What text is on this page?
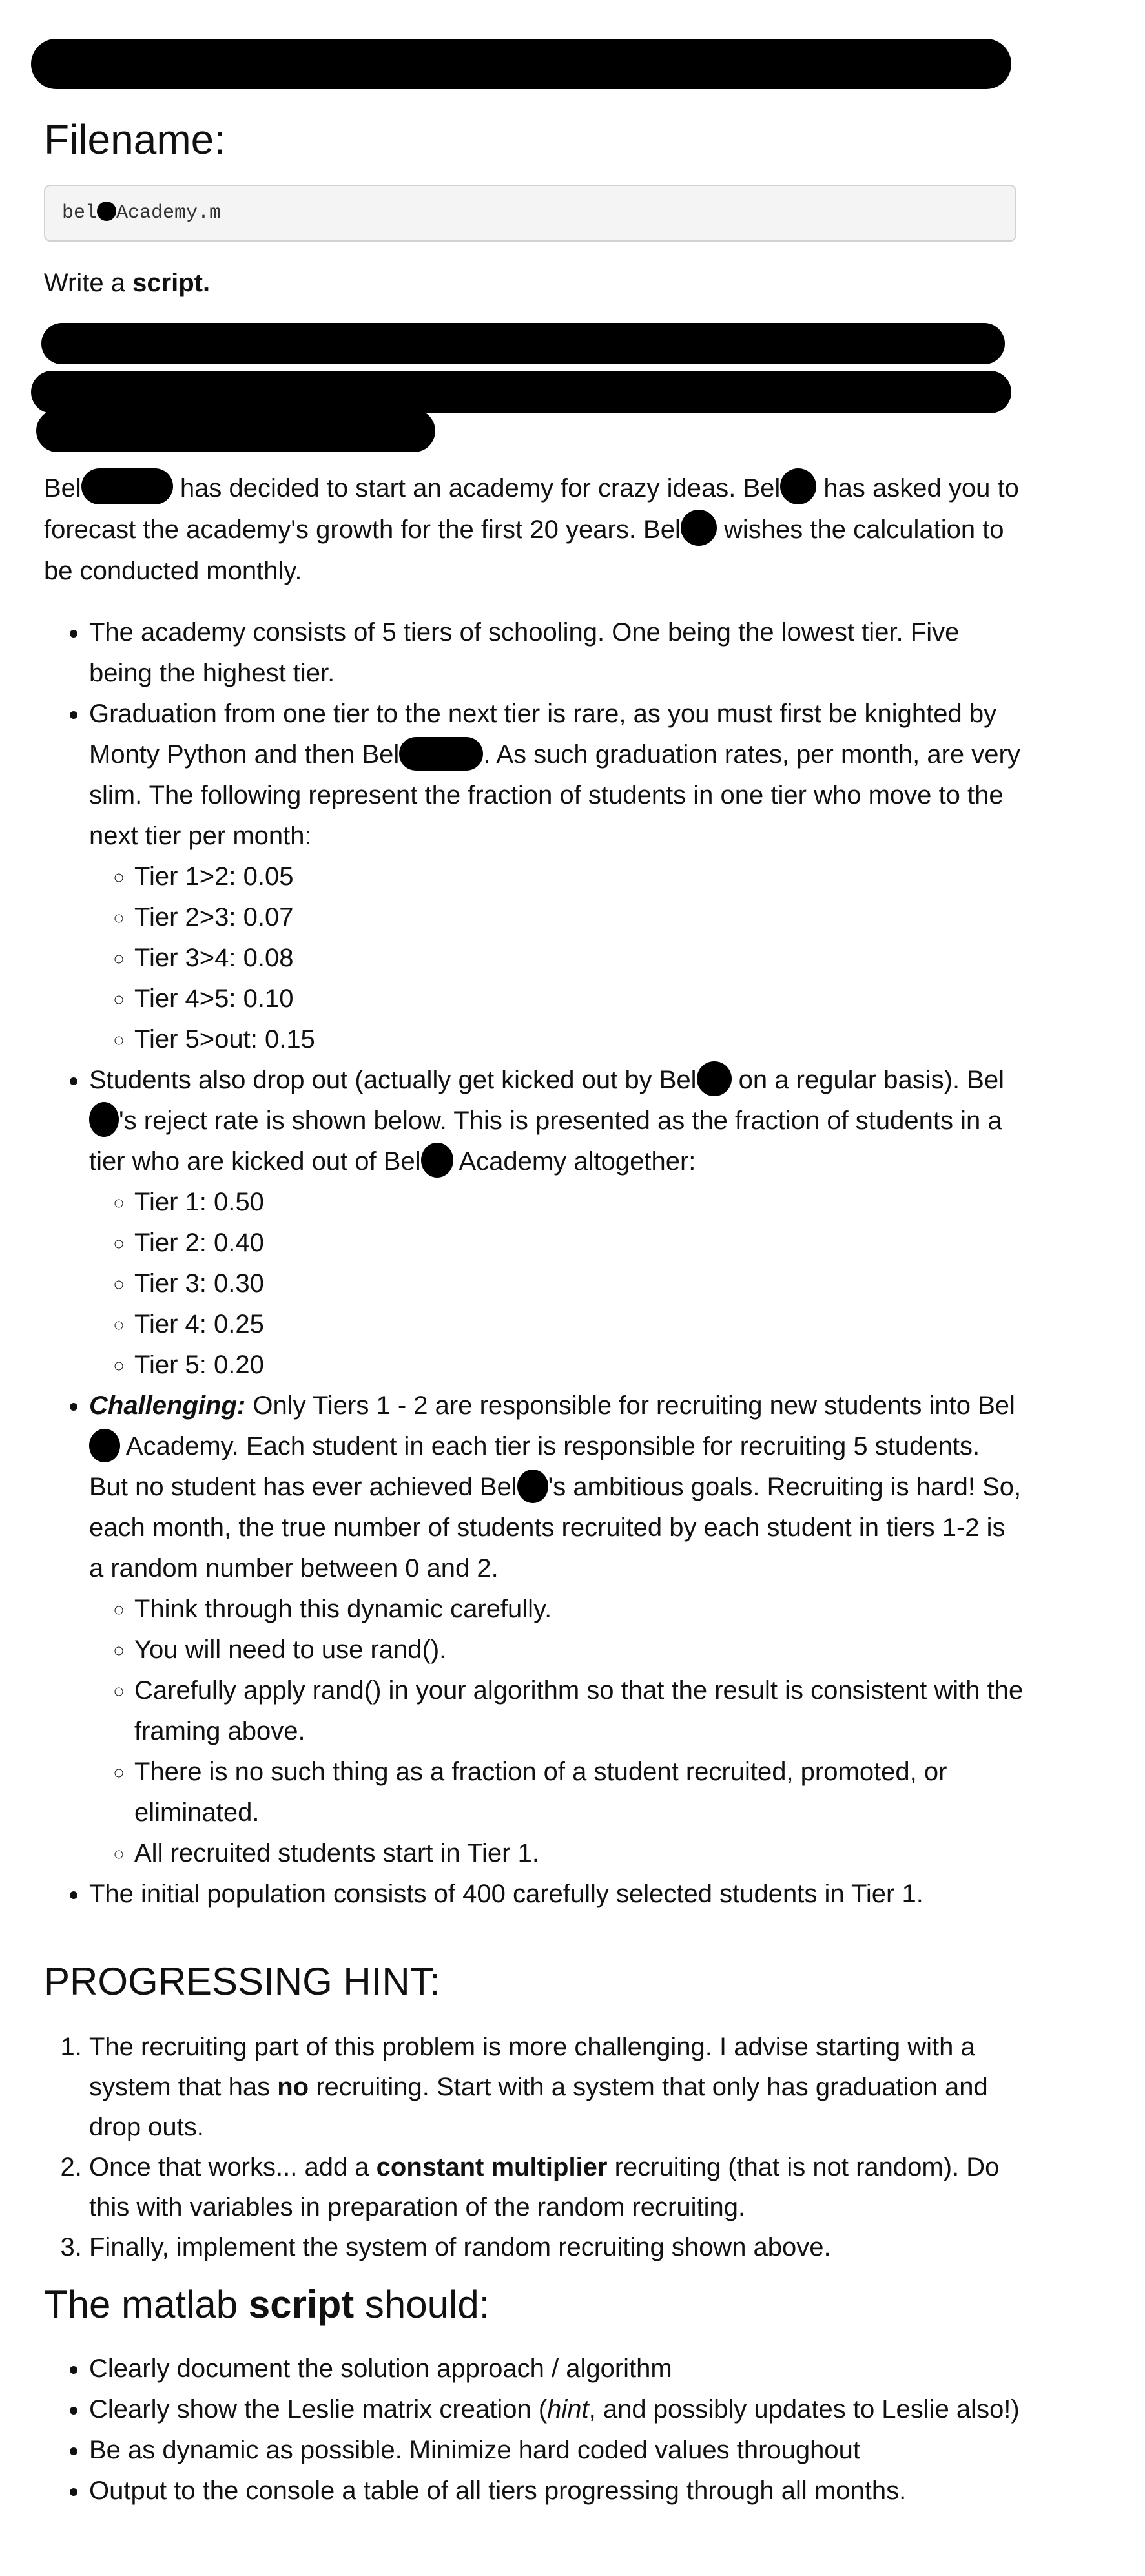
Filename:
bel Academy.m

Write a script.

Bel	has decided to start an academy for crazy ideas. Bel has asked you to forecast the academy's growth for the first 20 years. Bel wishes the calculation to be conducted monthly.

• The academy consists of 5 tiers of schooling. One being the lowest tier. Five being the highest tier.
• Graduation from one tier to the next tier is rare, as you must first be knighted by Monty Python and then Bel	. As such graduation rates, per month, are very slim. The following represent the fraction of students in one tier who move to the next tier per month:
◦ Tier 1>2: 0.05
◦ Tier 2>3: 0.07
◦ Tier 3>4: 0.08
◦ Tier 4>5: 0.10
◦ Tier 5>out: 0.15
• Students also drop out (actually get kicked out by Bel on a regular basis). Bel's reject rate is shown below. This is presented as the fraction of students in a tier who are kicked out of Bel Academy altogether:
◦ Tier 1: 0.50
◦ Tier 2: 0.40
◦ Tier 3: 0.30
◦ Tier 4: 0.25
◦ Tier 5: 0.20
• Challenging: Only Tiers 1 - 2 are responsible for recruiting new students into Bel Academy. Each student in each tier is responsible for recruiting 5 students. But no student has ever achieved Bel 's ambitious goals. Recruiting is hard! So, each month, the true number of students recruited by each student in tiers 1-2 is a random number between 0 and 2.
◦ Think through this dynamic carefully.
◦ You will need to use rand().
◦ Carefully apply rand() in your algorithm so that the result is consistent with the framing above.
◦ There is no such thing as a fraction of a student recruited, promoted, or eliminated.
◦ All recruited students start in Tier 1.
• The initial population consists of 400 carefully selected students in Tier 1.
PROGRESSING HINT:
1. The recruiting part of this problem is more challenging. I advise starting with a system that has no recruiting. Start with a system that only has graduation and drop outs.
2. Once that works... add a constant multiplier recruiting (that is not random). Do this with variables in preparation of the random recruiting.
3. Finally, implement the system of random recruiting shown above.
The matlab script should:
• Clearly document the solution approach / algorithm
• Clearly show the Leslie matrix creation (hint, and possibly updates to Leslie also!)
• Be as dynamic as possible. Minimize hard coded values throughout
• Output to the console a table of all tiers progressing through all months.
